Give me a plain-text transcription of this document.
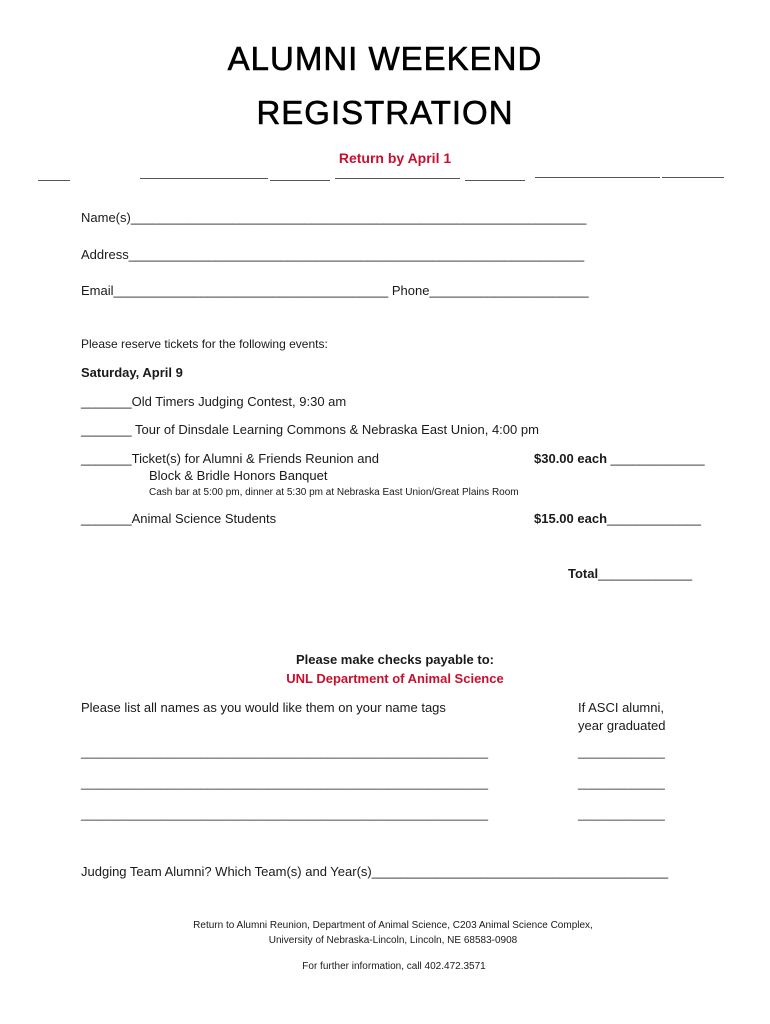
ALUMNI WEEKEND
REGISTRATION
Return by April 1
Name(s)_______________________________________________________________
Address_______________________________________________________________
Email______________________________________ Phone______________________
Please reserve tickets for the following events:
Saturday, April 9
_______Old Timers Judging Contest, 9:30 am
_______ Tour of Dinsdale Learning Commons & Nebraska East Union, 4:00 pm
_______Ticket(s) for Alumni & Friends Reunion and
Block & Bridle Honors Banquet
Cash bar at 5:00 pm, dinner at 5:30 pm at Nebraska East Union/Great Plains Room
$30.00 each _____________
_______Animal Science Students	$15.00 each_____________
Total_____________
Please make checks payable to:
UNL Department of Animal Science
Please list all names as you would like them on your name tags	If ASCI alumni,
year graduated
_____________________________________________________________	_____________
_____________________________________________________________	_____________
_____________________________________________________________	_____________
Judging Team Alumni? Which Team(s) and Year(s)_________________________________________
Return to Alumni Reunion, Department of Animal Science, C203 Animal Science Complex,
University of Nebraska-Lincoln, Lincoln, NE 68583-0908
For further information, call 402.472.3571
